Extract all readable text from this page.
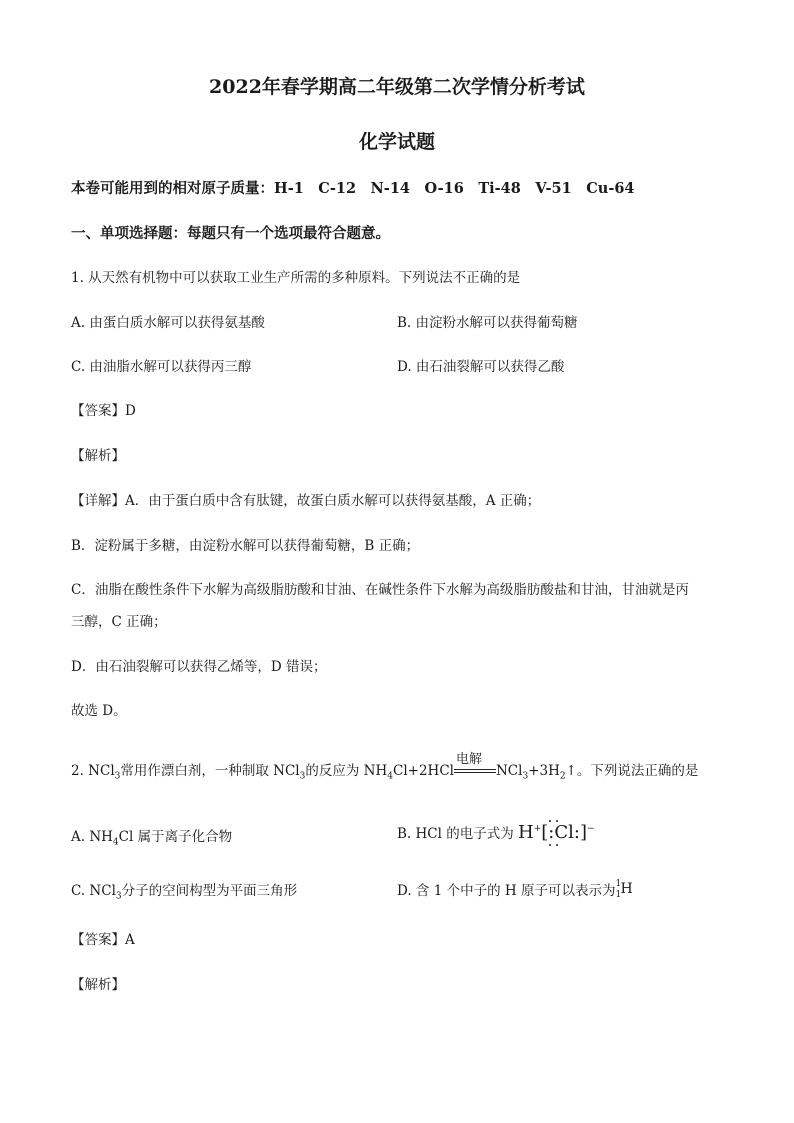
2022年春学期高二年级第二次学情分析考试
化学试题
本卷可能用到的相对原子质量：H-1　C-12　N-14　O-16　Ti-48　V-51　Cu-64
一、单项选择题：每题只有一个选项最符合题意。
1. 从天然有机物中可以获取工业生产所需的多种原料。下列说法不正确的是
A. 由蛋白质水解可以获得氨基酸	B. 由淀粉水解可以获得葡萄糖
C. 由油脂水解可以获得丙三醇	D. 由石油裂解可以获得乙酸
【答案】D
【解析】
【详解】A．由于蛋白质中含有肽键，故蛋白质水解可以获得氨基酸，A 正确；
B．淀粉属于多糖，由淀粉水解可以获得葡萄糖，B 正确；
C．油脂在酸性条件下水解为高级脂肪酸和甘油、在碱性条件下水解为高级脂肪酸盐和甘油，甘油就是丙
三醇，C 正确；
D．由石油裂解可以获得乙烯等，D 错误；
故选 D。
2. NCl$_3$常用作漂白剂，一种制取 NCl$_3$的反应为 $NH_4Cl+2HCl$
电解
$NCl_3+3H_2↑$。下列说法正确的是
A. $NH_4Cl$ 属于离子化合物	B. HCl 的电子式为 H+[:Cl:]−
C. NCl$_3$分子的空间构型为平面三角形	D. 含 1 个中子的 H 原子可以表示为 1
1 H
【答案】A
【解析】
